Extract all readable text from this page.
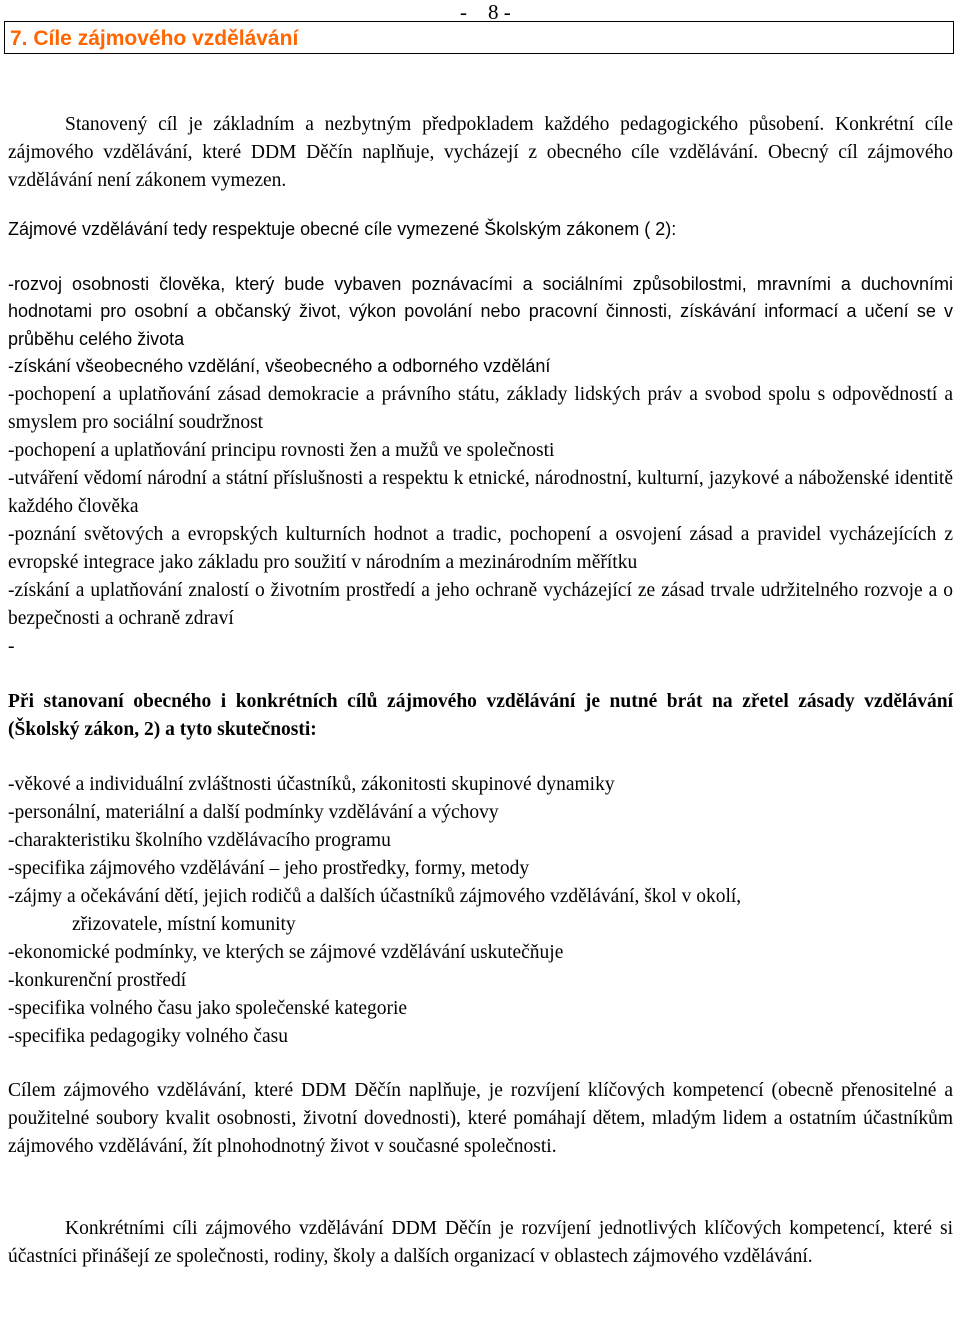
-    8 -
7. Cíle zájmového vzdělávání

Stanovený cíl je základním a nezbytným předpokladem každého pedagogického působení. Konkrétní cíle zájmového vzdělávání, které DDM Děčín naplňuje, vycházejí z obecného cíle vzdělávání. Obecný cíl zájmového vzdělávání není zákonem vymezen.

Zájmové vzdělávání tedy respektuje obecné cíle vymezené Školským zákonem ( 2):

-rozvoj osobnosti člověka, který bude vybaven poznávacími a sociálními způsobilostmi, mravními a duchovními hodnotami pro osobní a občanský život, výkon povolání nebo pracovní činnosti, získávání informací a učení se v průběhu celého života

-získání všeobecného vzdělání, všeobecného a odborného vzdělání

-pochopení a uplatňování zásad demokracie a právního státu, základy lidských práv a svobod spolu s odpovědností a smyslem pro sociální soudržnost

-pochopení a uplatňování principu rovnosti žen a mužů ve společnosti

-utváření vědomí národní a státní příslušnosti a respektu k etnické, národnostní, kulturní, jazykové a náboženské identitě každého člověka

-poznání světových a evropských kulturních hodnot a tradic, pochopení a osvojení zásad a pravidel vycházejících z evropské integrace jako základu pro soužití v národním a mezinárodním měřítku

-získání a uplatňování znalostí o životním prostředí a jeho ochraně vycházející ze zásad trvale udržitelného rozvoje a o bezpečnosti a ochraně zdraví

-

Při stanovaní obecného i konkrétních cílů zájmového vzdělávání je nutné brát na zřetel zásady vzdělávání (Školský zákon, 2) a tyto skutečnosti:

-věkové a individuální zvláštnosti účastníků, zákonitosti skupinové dynamiky

-personální, materiální a další podmínky vzdělávání a výchovy

-charakteristiku školního vzdělávacího programu

-specifika zájmového vzdělávání – jeho prostředky, formy, metody

-zájmy a očekávání dětí, jejich rodičů a dalších účastníků zájmového vzdělávání, škol v okolí,

zřizovatele, místní komunity

-ekonomické podmínky, ve kterých se zájmové vzdělávání uskutečňuje

-konkurenční prostředí

-specifika volného času jako společenské kategorie

-specifika pedagogiky volného času

Cílem zájmového vzdělávání, které DDM Děčín naplňuje, je rozvíjení klíčových kompetencí (obecně přenositelné a použitelné soubory kvalit osobnosti, životní dovednosti), které pomáhají dětem, mladým lidem a ostatním účastníkům zájmového vzdělávání, žít plnohodnotný život v současné společnosti.

Konkrétními cíli zájmového vzdělávání DDM Děčín je rozvíjení jednotlivých klíčových kompetencí, které si účastníci přinášejí ze společnosti, rodiny, školy a dalších organizací v oblastech zájmového vzdělávání.
